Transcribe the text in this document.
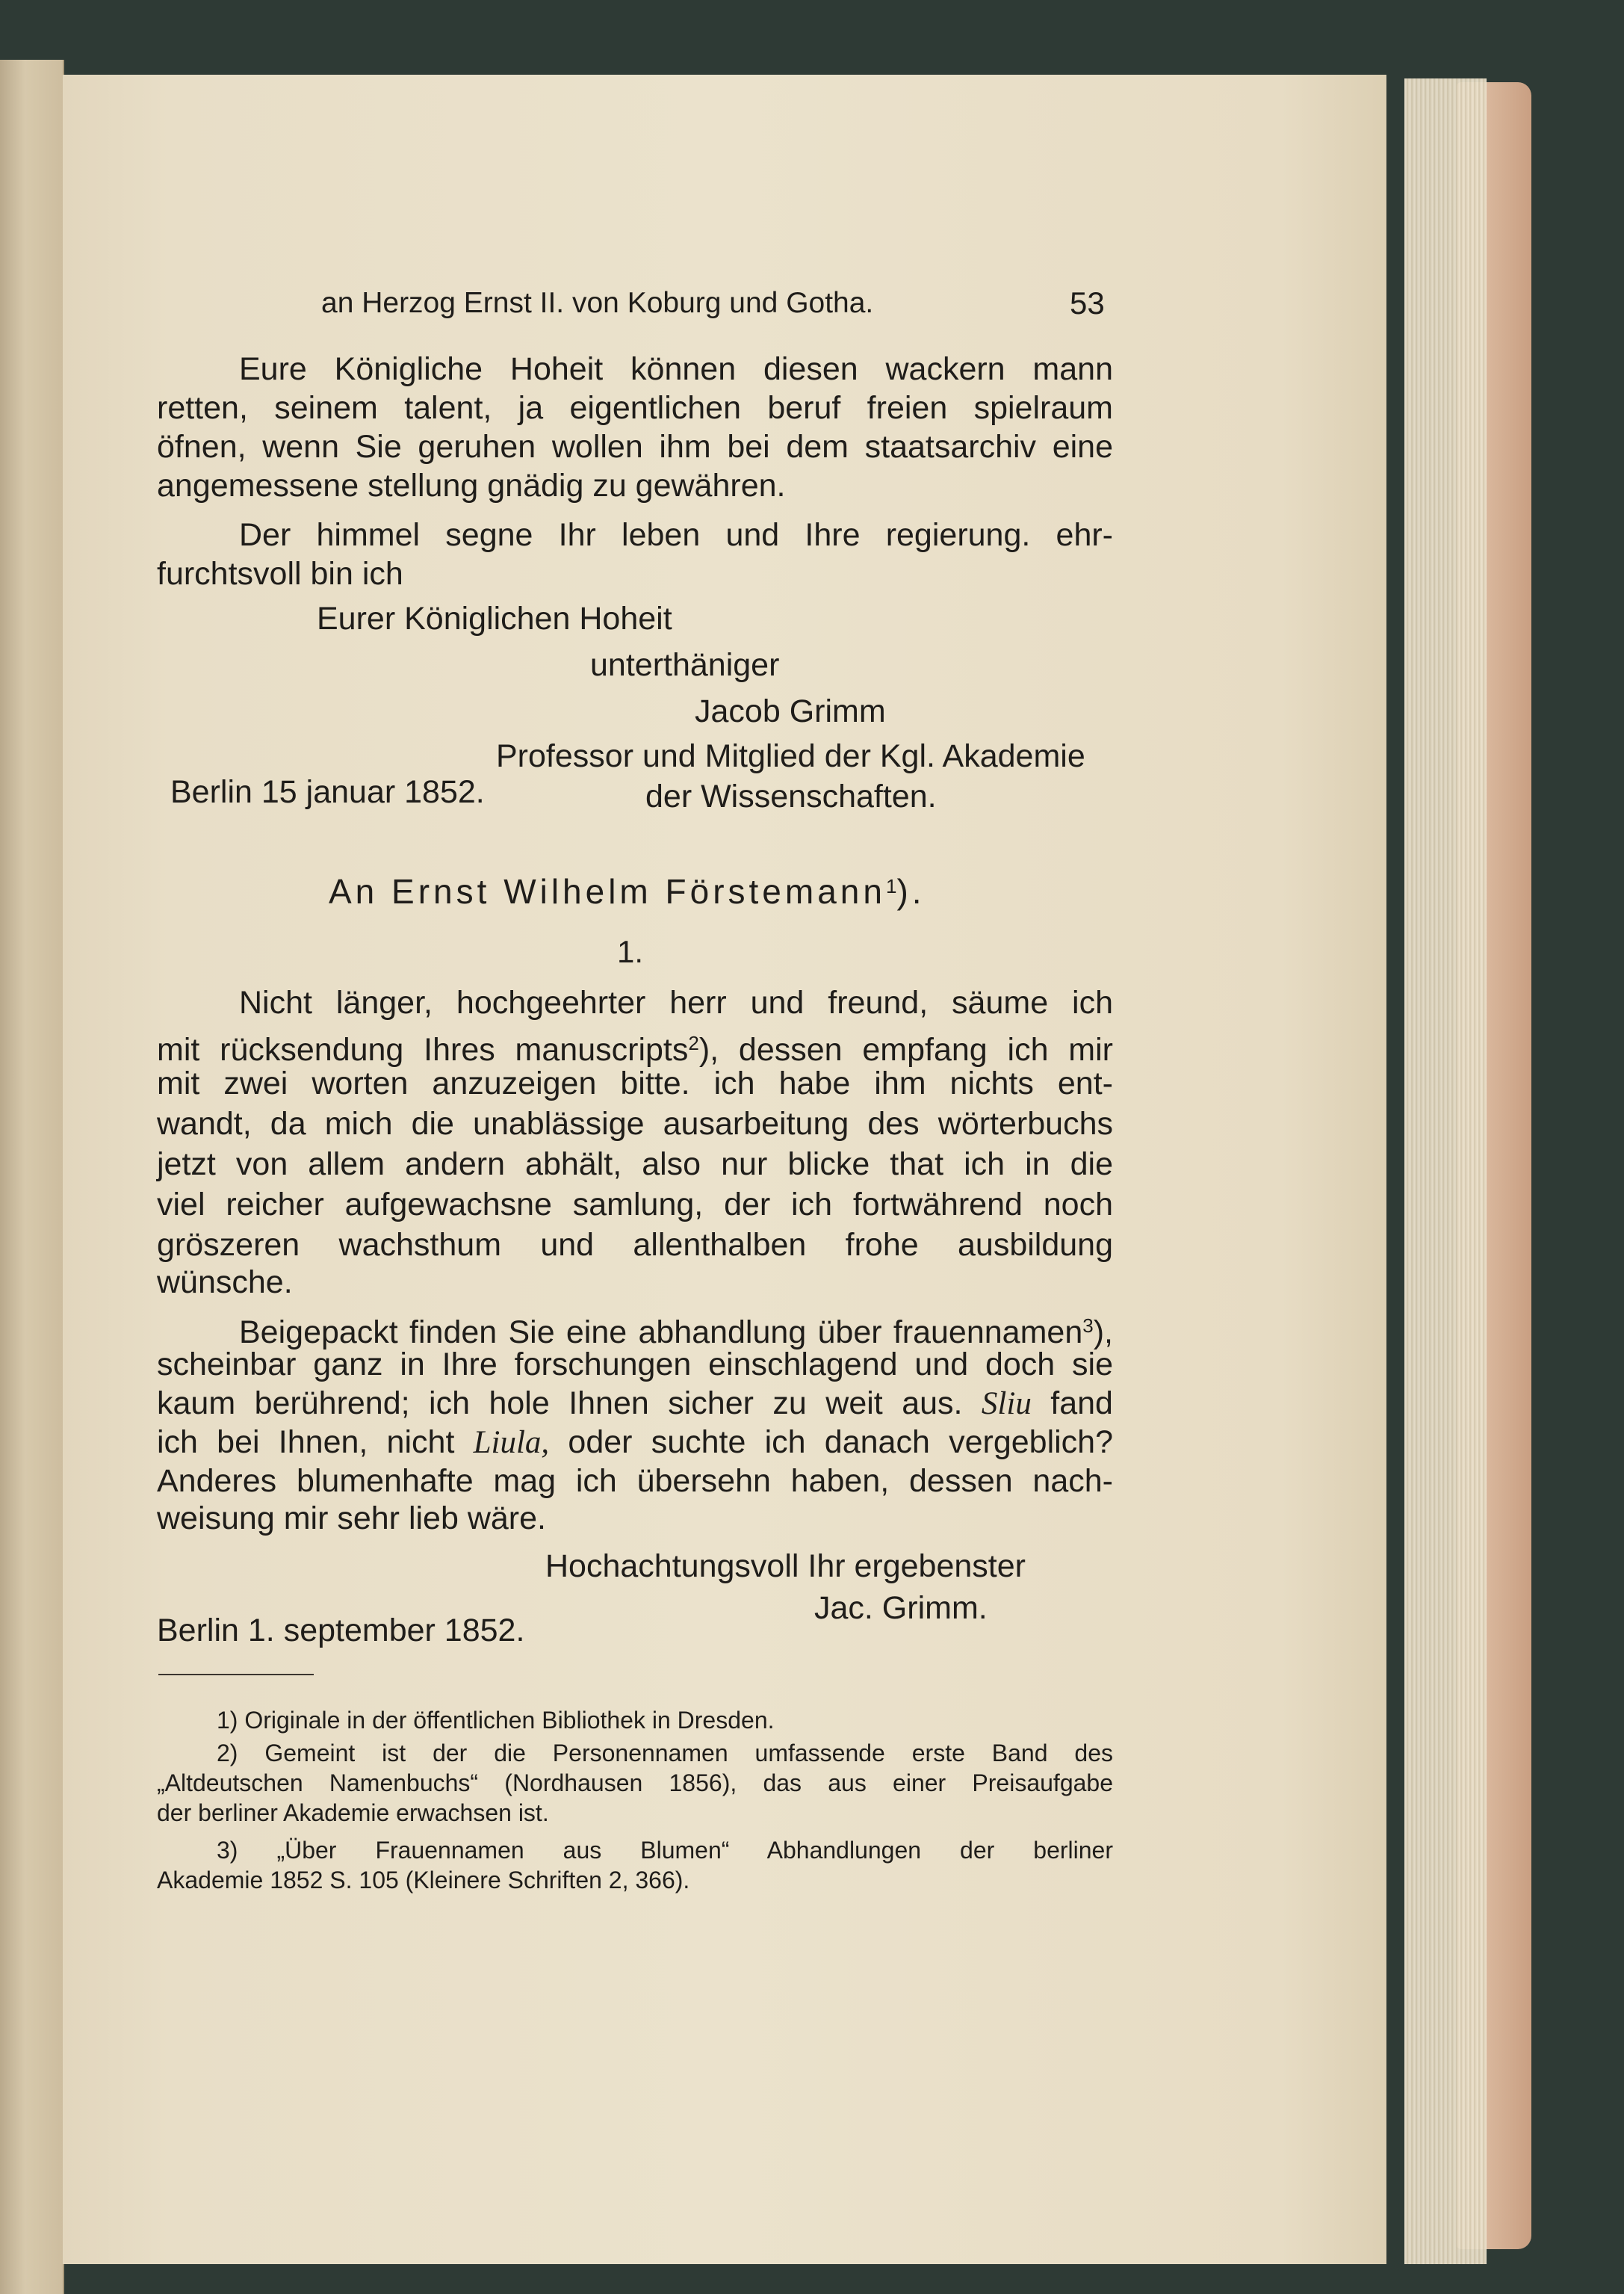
an Herzog Ernst II. von Koburg und Gotha.	53
Eure Königliche Hoheit können diesen wackern mann
retten, seinem talent, ja eigentlichen beruf freien spielraum
öfnen, wenn Sie geruhen wollen ihm bei dem staatsarchiv eine
angemessene stellung gnädig zu gewähren.
Der himmel segne Ihr leben und Ihre regierung. ehr-
furchtsvoll bin ich
Eurer Königlichen Hoheit
unterthäniger
Jacob Grimm
Professor und Mitglied der Kgl. Akademie
Berlin 15 januar 1852.	der Wissenschaften.
An Ernst Wilhelm Förstemann$^1$).
1.
Nicht länger, hochgeehrter herr und freund, säume ich
mit rücksendung Ihres manuscripts$^2$), dessen empfang ich mir
mit zwei worten anzuzeigen bitte. ich habe ihm nichts ent-
wandt, da mich die unablässige ausarbeitung des wörterbuchs
jetzt von allem andern abhält, also nur blicke that ich in die
viel reicher aufgewachsne samlung, der ich fortwährend noch
gröszeren wachsthum und allenthalben frohe ausbildung
wünsche.
Beigepackt finden Sie eine abhandlung über frauennamen$^3$),
scheinbar ganz in Ihre forschungen einschlagend und doch sie
kaum berührend; ich hole Ihnen sicher zu weit aus. Sliu fand
ich bei Ihnen, nicht Liula, oder suchte ich danach vergeblich?
Anderes blumenhafte mag ich übersehn haben, dessen nach-
weisung mir sehr lieb wäre.
Hochachtungsvoll Ihr ergebenster
Jac. Grimm.
Berlin 1. september 1852.
1) Originale in der öffentlichen Bibliothek in Dresden.
2) Gemeint ist der die Personennamen umfassende erste Band des
„Altdeutschen Namenbuchs“ (Nordhausen 1856), das aus einer Preisaufgabe
der berliner Akademie erwachsen ist.
3) „Über Frauennamen aus Blumen“ Abhandlungen der berliner
Akademie 1852 S. 105 (Kleinere Schriften 2, 366).
